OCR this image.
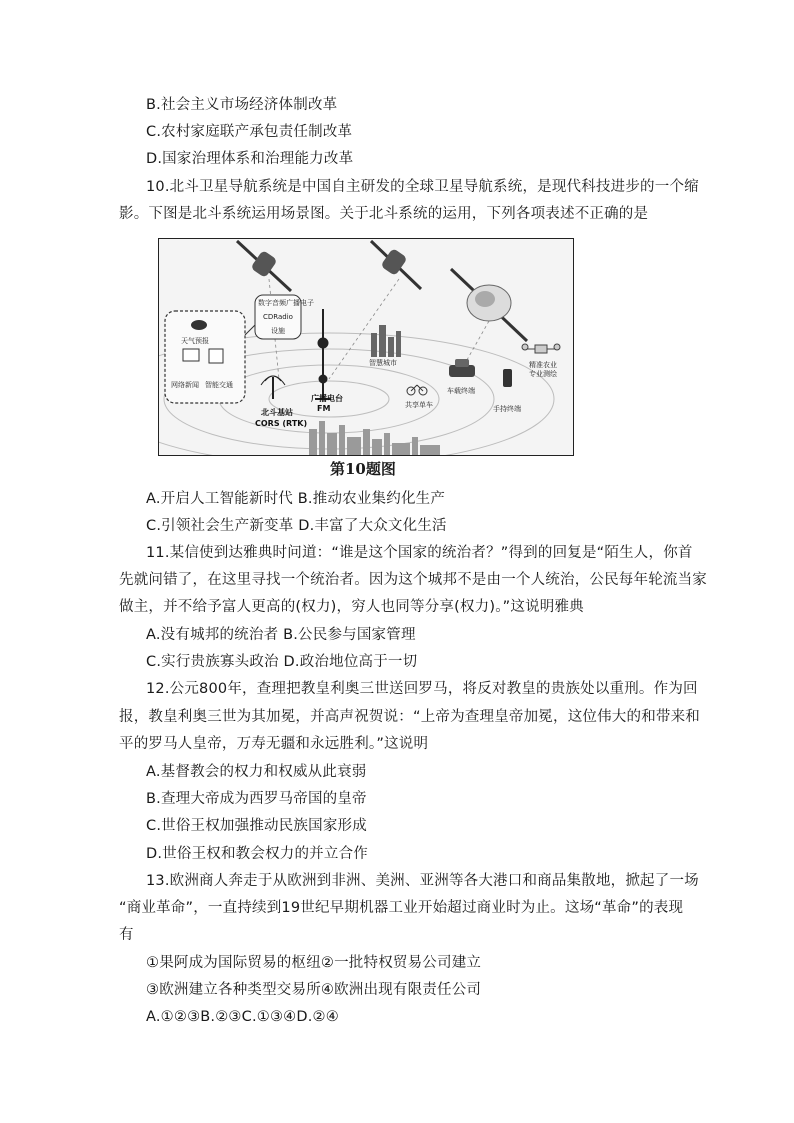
B.社会主义市场经济体制改革
C.农村家庭联产承包责任制改革
D.国家治理体系和治理能力改革
10.北斗卫星导航系统是中国自主研发的全球卫星导航系统，是现代科技进步的一个缩
影。下图是北斗系统运用场景图。关于北斗系统的运用，下列各项表述不正确的是
天气预报
网络新闻 智能交通
数字音频广播电子
CDRadio
设施
广播电台
FM
北斗基站
CORS (RTK)
智慧城市
车载终端
共享单车	手持终端
精准农业
专业测绘
第10题图
A.开启人工智能新时代 B.推动农业集约化生产
C.引领社会生产新变革 D.丰富了大众文化生活
11.某信使到达雅典时问道：“谁是这个国家的统治者？”得到的回复是“陌生人，你首
先就问错了，在这里寻找一个统治者。因为这个城邦不是由一个人统治，公民每年轮流当家
做主，并不给予富人更高的(权力)，穷人也同等分享(权力)。”这说明雅典
A.没有城邦的统治者 B.公民参与国家管理
C.实行贵族寡头政治 D.政治地位高于一切
12.公元800年，查理把教皇利奥三世送回罗马，将反对教皇的贵族处以重刑。作为回
报，教皇利奥三世为其加冕，并高声祝贺说：“上帝为查理皇帝加冕，这位伟大的和带来和
平的罗马人皇帝，万寿无疆和永远胜利。”这说明
A.基督教会的权力和权威从此衰弱
B.查理大帝成为西罗马帝国的皇帝
C.世俗王权加强推动民族国家形成
D.世俗王权和教会权力的并立合作
13.欧洲商人奔走于从欧洲到非洲、美洲、亚洲等各大港口和商品集散地，掀起了一场
“商业革命”，一直持续到19世纪早期机器工业开始超过商业时为止。这场“革命”的表现
有
①果阿成为国际贸易的枢纽②一批特权贸易公司建立
③欧洲建立各种类型交易所④欧洲出现有限责任公司
A.①②③B.②③C.①③④D.②④
